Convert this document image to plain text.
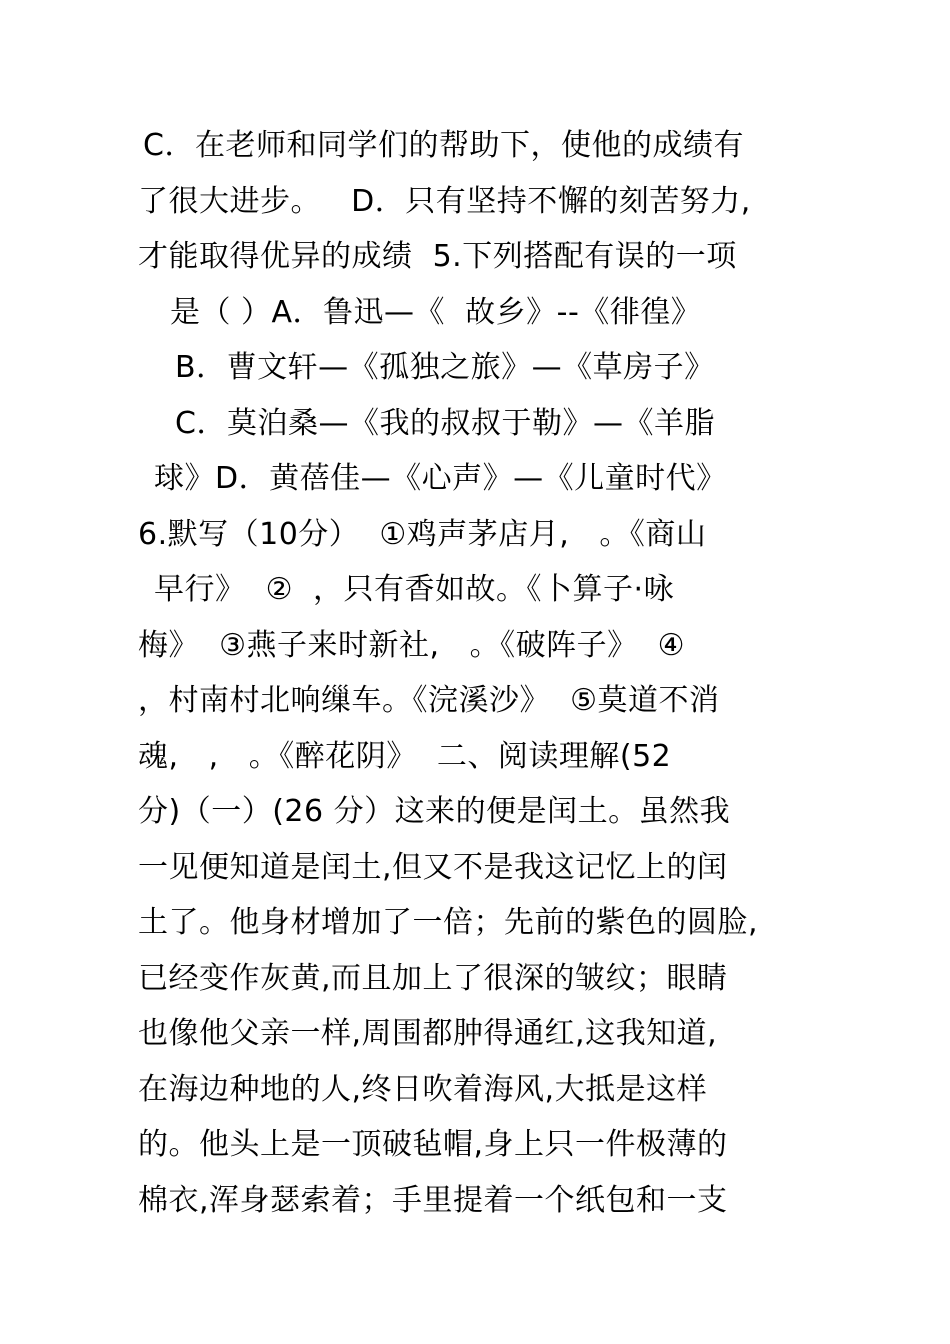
C．在老师和同学们的帮助下，使他的成绩有
了很大进步。   D．只有坚持不懈的刻苦努力,
才能取得优异的成绩  5.下列搭配有误的一项
是（ ）A．鲁迅—《  故乡》--《徘徨》
B．曹文轩—《孤独之旅》—《草房子》
C．莫泊桑—《我的叔叔于勒》—《羊脂
球》D．黄蓓佳—《心声》—《儿童时代》
6.默写（10分）  ①鸡声茅店月,   。《商山
早行》  ②  ，只有香如故。《卜算子·咏
梅》  ③燕子来时新社,   。《破阵子》  ④
，村南村北响缫车。《浣溪沙》  ⑤莫道不消
魂,   ,   。《醉花阴》  二、阅读理解(52
分)（一）(26 分）这来的便是闰土。虽然我
一见便知道是闰土,但又不是我这记忆上的闰
土了。他身材增加了一倍；先前的紫色的圆脸,
已经变作灰黄,而且加上了很深的皱纹；眼睛
也像他父亲一样,周围都肿得通红,这我知道,
在海边种地的人,终日吹着海风,大抵是这样
的。他头上是一顶破毡帽,身上只一件极薄的
棉衣,浑身瑟索着；手里提着一个纸包和一支
